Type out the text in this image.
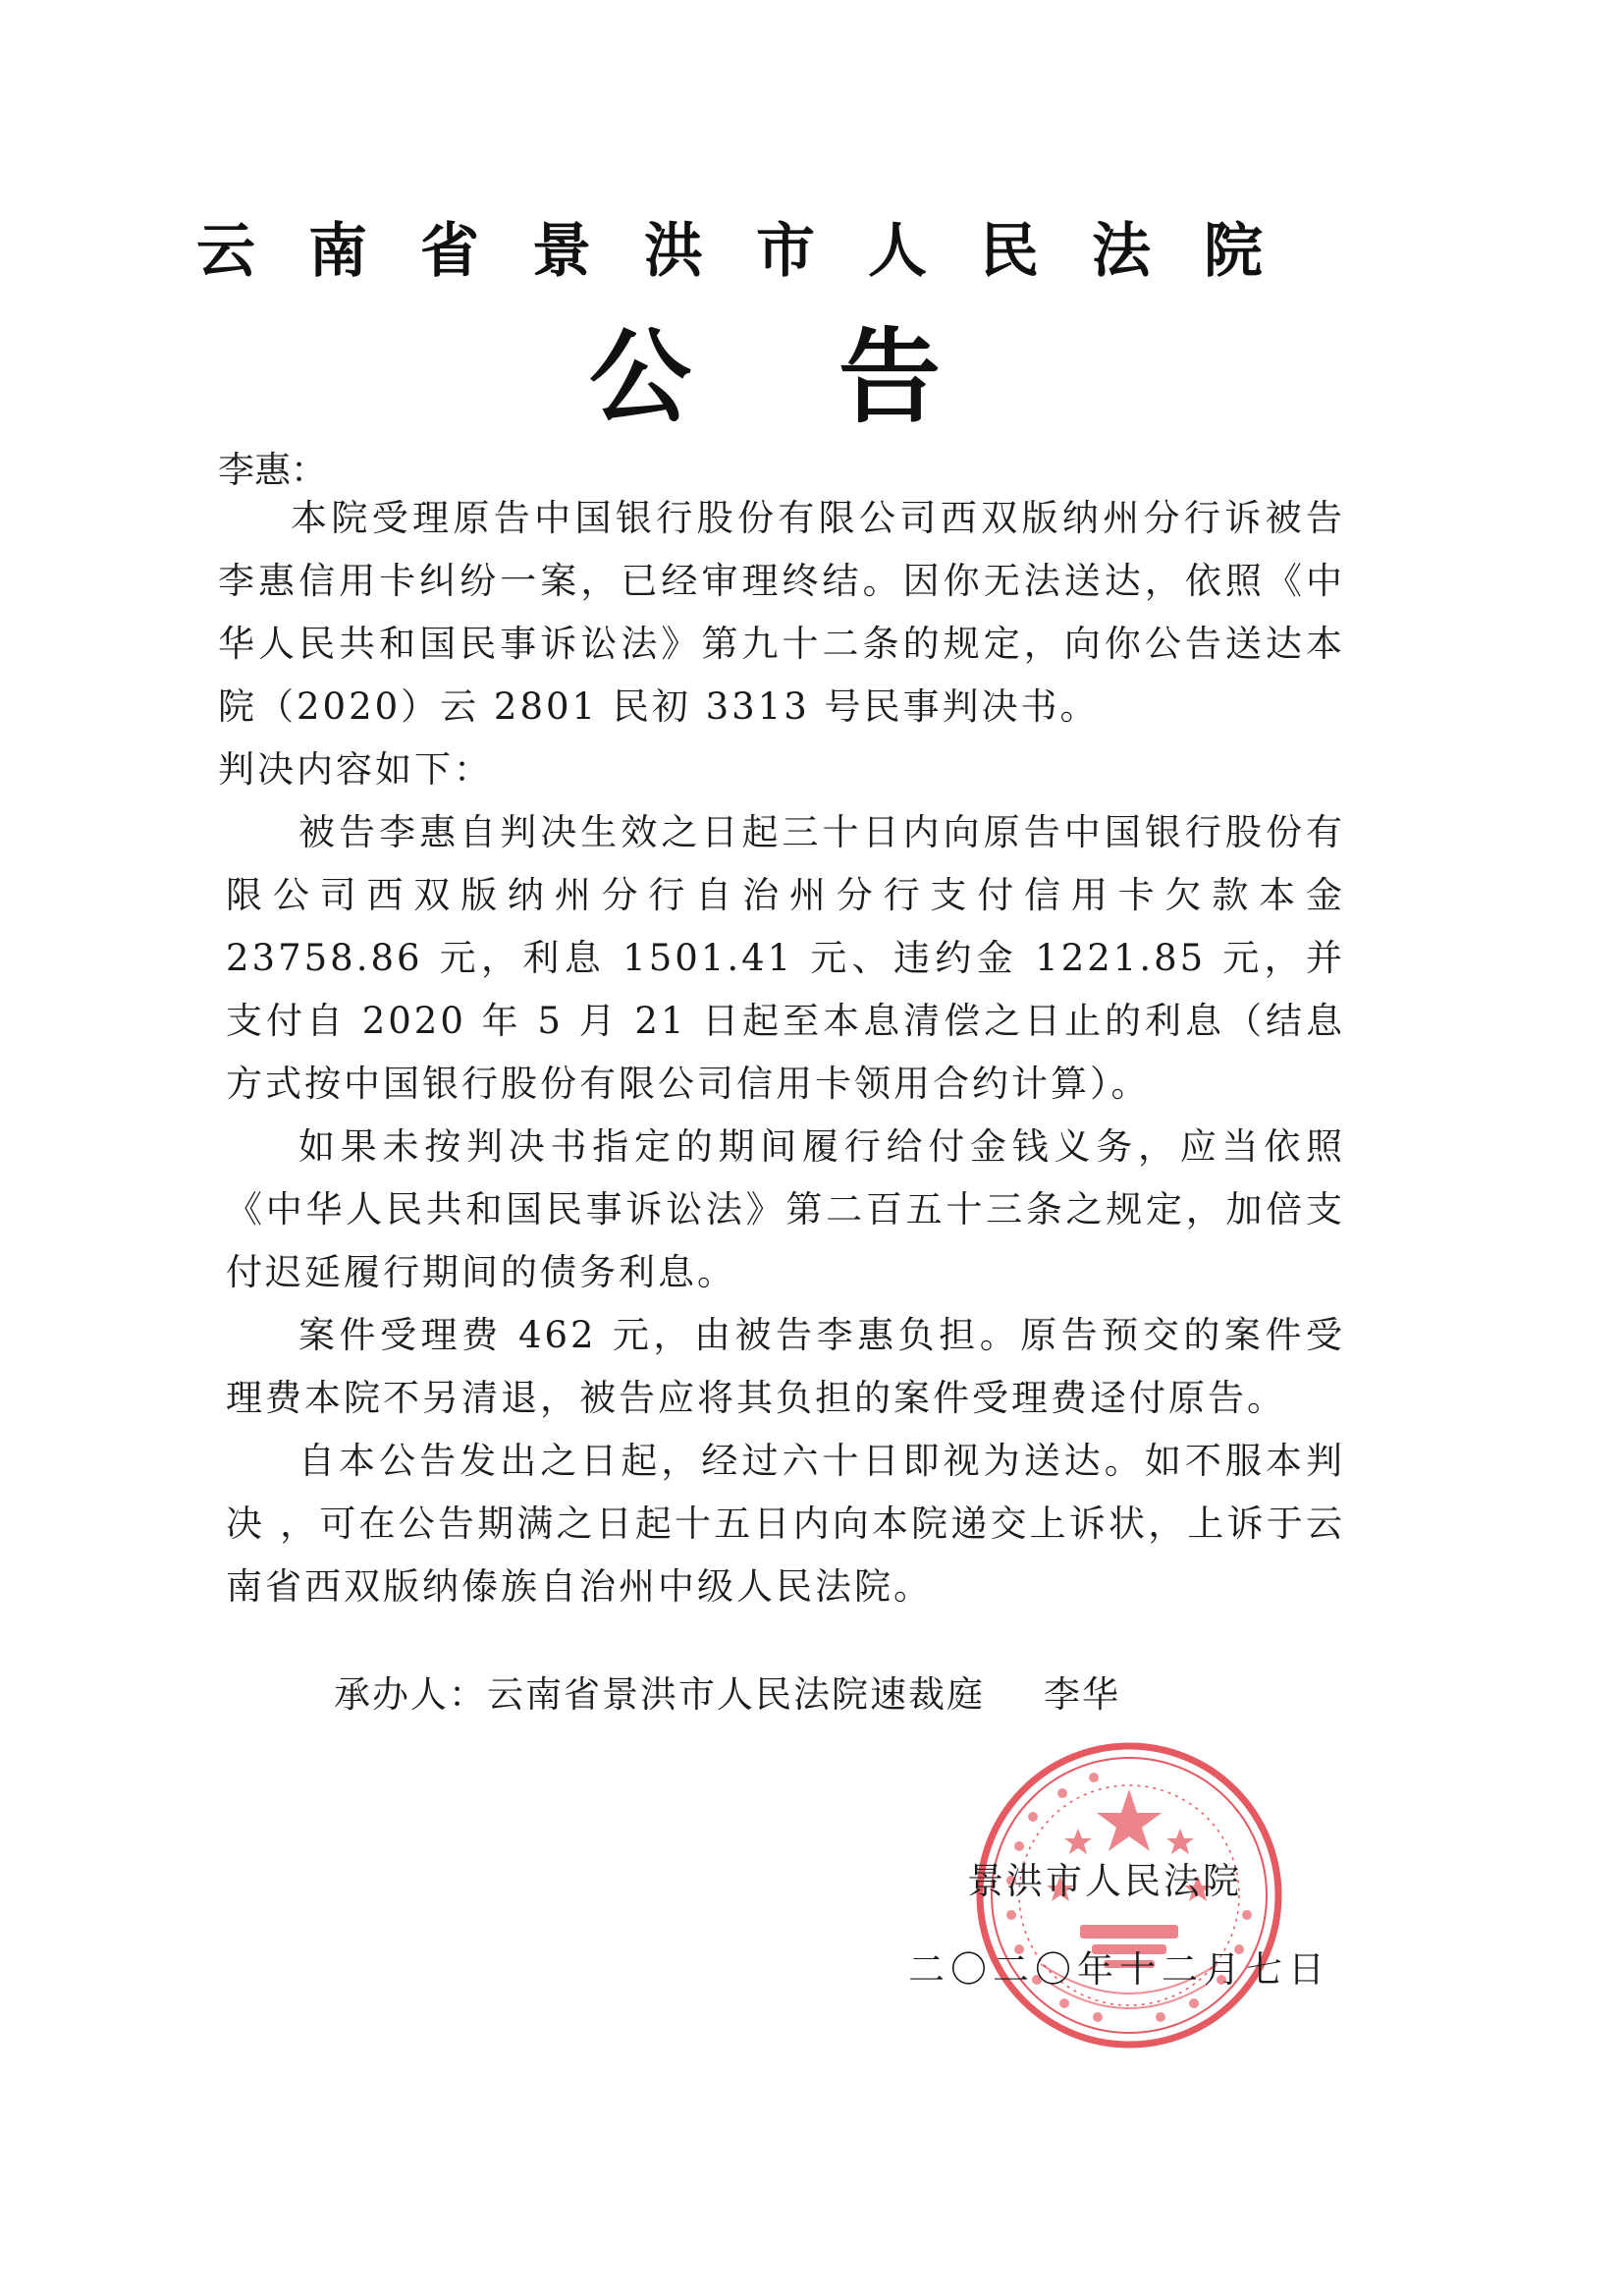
云南省景洪市人民法院
公告
李惠：

本院受理原告中国银行股份有限公司西双版纳州分行诉被告李惠信用卡纠纷一案，已经审理终结。因你无法送达，依照《中华人民共和国民事诉讼法》第九十二条的规定，向你公告送达本院（2020）云 2801 民初 3313 号民事判决书。

判决内容如下：

被告李惠自判决生效之日起三十日内向原告中国银行股份有限公司西双版纳州分行自治州分行支付信用卡欠款本金 23758.86 元，利息 1501.41 元、违约金 1221.85 元，并支付自 2020 年 5 月 21 日起至本息清偿之日止的利息（结息方式按中国银行股份有限公司信用卡领用合约计算）。

如果未按判决书指定的期间履行给付金钱义务，应当依照《中华人民共和国民事诉讼法》第二百五十三条之规定，加倍支付迟延履行期间的债务利息。

案件受理费 462 元，由被告李惠负担。原告预交的案件受理费本院不另清退，被告应将其负担的案件受理费迳付原告。

自本公告发出之日起，经过六十日即视为送达。如不服本判决 ，可在公告期满之日起十五日内向本院递交上诉状，上诉于云南省西双版纳傣族自治州中级人民法院。

承办人：云南省景洪市人民法院速裁庭 李华
景洪市人民法院
二〇二〇年十二月七日
